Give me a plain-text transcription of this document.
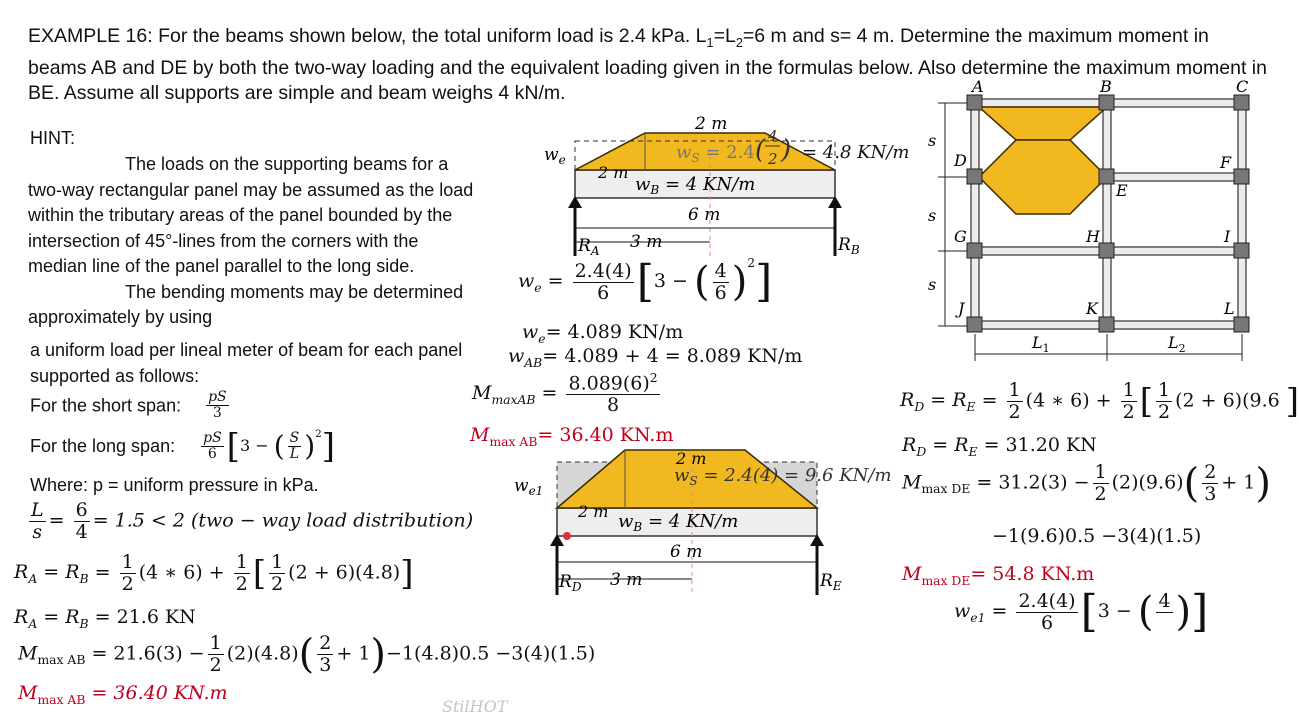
EXAMPLE 16: For the beams shown below, the total uniform load is 2.4 kPa. $L_1=L_2=6$ m and s= 4 m. Determine the maximum moment in beams AB and DE by both the two-way loading and the equivalent loading given in the formulas below. Also determine the maximum moment in BE. Assume all supports are simple and beam weighs 4 kN/m.
HINT:

The loads on the supporting beams for a two-way rectangular panel may be assumed as the load within the tributary areas of the panel bounded by the intersection of 45°-lines from the corners with the median line of the panel parallel to the long side.

The bending moments may be determined approximately by using

a uniform load per lineal meter of beam for each panel supported as follows:

For the short span: $\frac{pS}{3}$
For the long span: $\frac{pS}{6} [3$ − ( $\frac{S}{L} )^2$]
Where: p = uniform pressure in kPa.
$\frac{L}{s} = \frac{6}{4} = 1.5 < 2$ (two − way load distribution)
$R_A = R_B = \frac{1}{2} (4$ ∗ $6) + \frac{1}{2}$ [ $\frac{1}{2} (2 + 6)(4.8)$]
$R_A = R_B = 21.6$ KN
$M_{max AB} = 21.6(3) - \frac{1}{2} (2)(4.8)( \frac{2}{3} + 1)-1(4.8)0.5 -3(4)(1.5)$
$M_{max AB} = 36.40$ KN.m
2 m
2 m
$w_S = 2.4$ ( 4
2 ) = 4.8 KN/m
$w_e$
$w_B = 4$ KN/m
6 m
3 m
$R_A$	$R_B$
$w_e = \frac{2.4(4)}{6} [3$ − ( $\frac{4}{6} )^2$]
$w_e= 4.089$ KN/m
$w_{AB}= 4.089 + 4 = 8.089$ KN/m
$M_{maxAB} = \frac{8.089(6)^2}{8}$
$M_{max AB}= 36.40$ KN.m
2 m
2 m
$w_S = 2.4(4) = 9.6$ KN/m
$w_{e1}$
$w_B = 4$ KN/m
6 m
3 m
$R_D$	$R_E$
$R_D = R_E = \frac{1}{2} (4$ ∗ $6) + \frac{1}{2}$ [ $\frac{1}{2} (2 + 6)(9.6$ ]
$R_D = R_E = 31.20$ KN
$M_{max DE} = 31.2(3) - \frac{1}{2} (2)(9.6)( \frac{2}{3} + 1)$
−1(9.6)0.5 −3(4)(1.5)
$M_{max DE}= 54.8$ KN.m
$w_{e1} = \frac{2.4(4)}{6} [3$ − ( 4
)]
A	B	C
D
E
F
G	H	I
J	K	L
s
s
s
$L_1$	$L_2$
StilHOT
